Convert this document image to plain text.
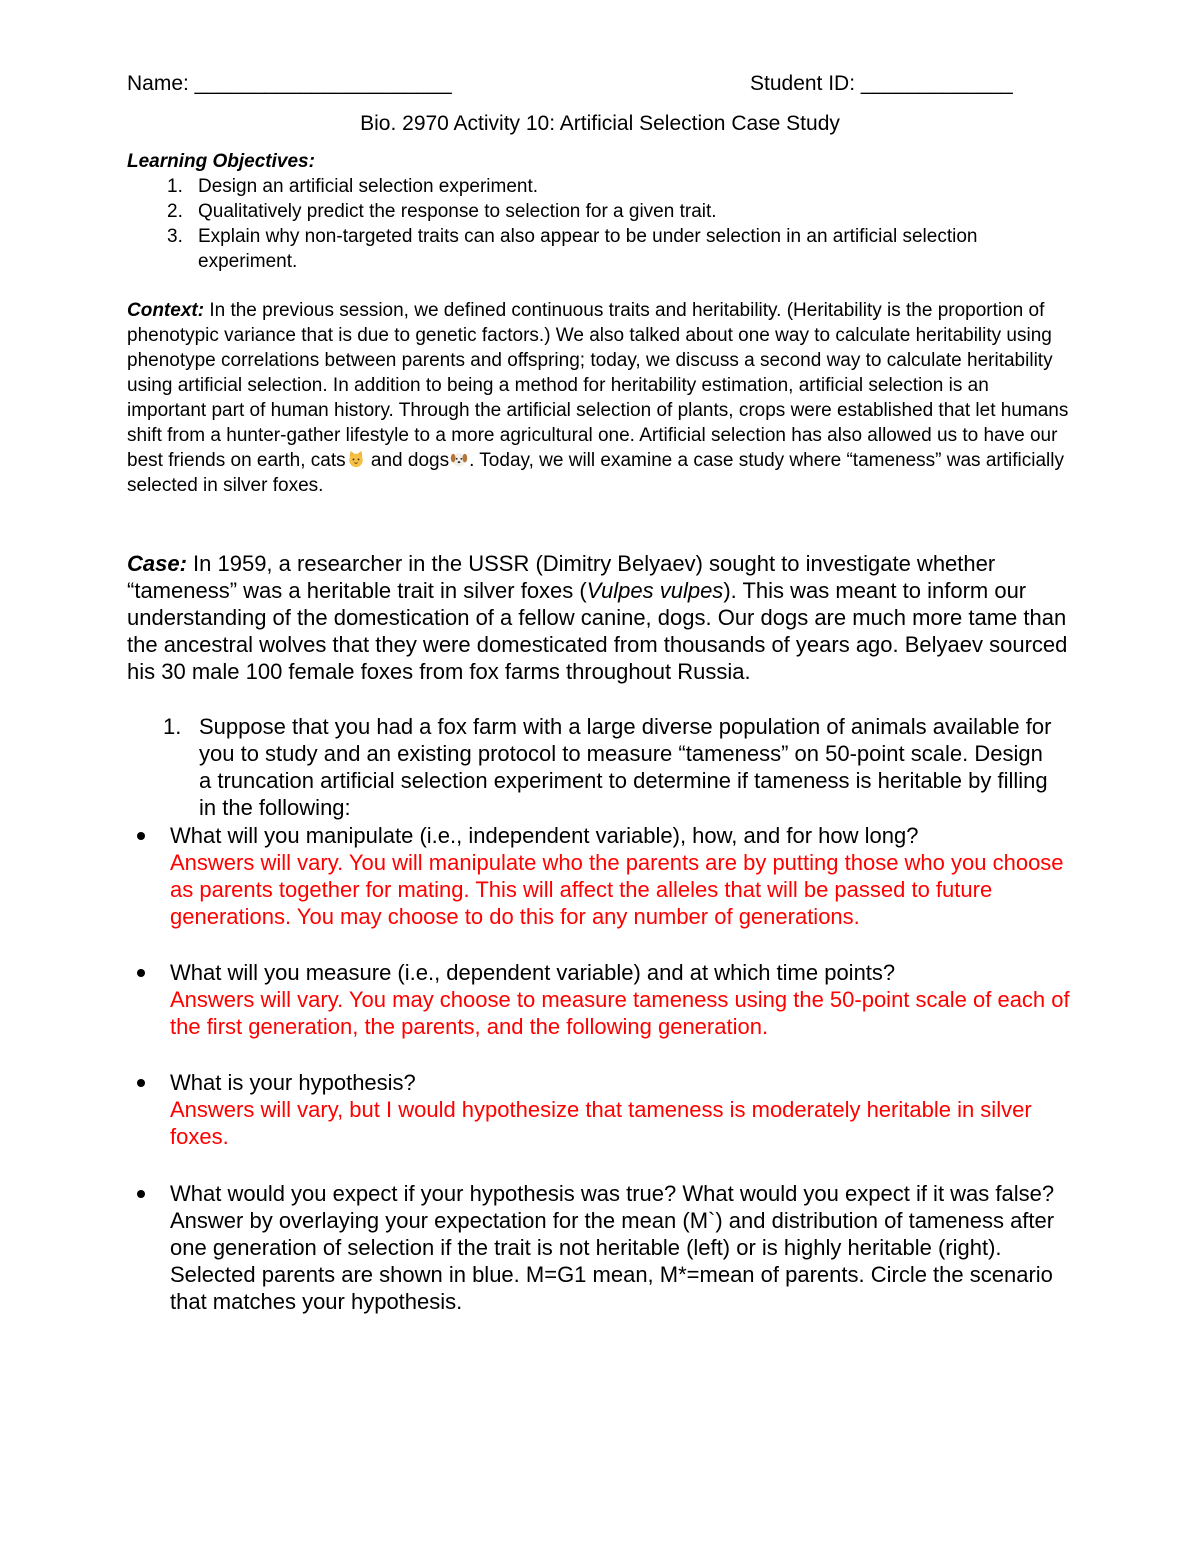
Name: ______________________	Student ID: _____________
Bio. 2970 Activity 10: Artificial Selection Case Study
Learning Objectives:
1. Design an artificial selection experiment.
2. Qualitatively predict the response to selection for a given trait.
3. Explain why non-targeted traits can also appear to be under selection in an artificial selection experiment.

Context: In the previous session, we defined continuous traits and heritability. (Heritability is the proportion of phenotypic variance that is due to genetic factors.) We also talked about one way to calculate heritability using phenotype correlations between parents and offspring; today, we discuss a second way to calculate heritability using artificial selection. In addition to being a method for heritability estimation, artificial selection is an important part of human history. Through the artificial selection of plants, crops were established that let humans shift from a hunter-gather lifestyle to a more agricultural one. Artificial selection has also allowed us to have our best friends on earth, cats and dogs . Today, we will examine a case study where “tameness” was artificially selected in silver foxes.

Case: In 1959, a researcher in the USSR (Dimitry Belyaev) sought to investigate whether “tameness” was a heritable trait in silver foxes (Vulpes vulpes). This was meant to inform our understanding of the domestication of a fellow canine, dogs. Our dogs are much more tame than the ancestral wolves that they were domesticated from thousands of years ago. Belyaev sourced his 30 male 100 female foxes from fox farms throughout Russia.

1. Suppose that you had a fox farm with a large diverse population of animals available for you to study and an existing protocol to measure “tameness” on 50-point scale. Design a truncation artificial selection experiment to determine if tameness is heritable by filling in the following:
What will you manipulate (i.e., independent variable), how, and for how long?
Answers will vary. You will manipulate who the parents are by putting those who you choose as parents together for mating. This will affect the alleles that will be passed to future generations. You may choose to do this for any number of generations.
What will you measure (i.e., dependent variable) and at which time points?
Answers will vary. You may choose to measure tameness using the 50-point scale of each of the first generation, the parents, and the following generation.
What is your hypothesis?
Answers will vary, but I would hypothesize that tameness is moderately heritable in silver foxes.
What would you expect if your hypothesis was true? What would you expect if it was false? Answer by overlaying your expectation for the mean (M`) and distribution of tameness after one generation of selection if the trait is not heritable (left) or is highly heritable (right). Selected parents are shown in blue. M=G1 mean, M*=mean of parents. Circle the scenario that matches your hypothesis.
